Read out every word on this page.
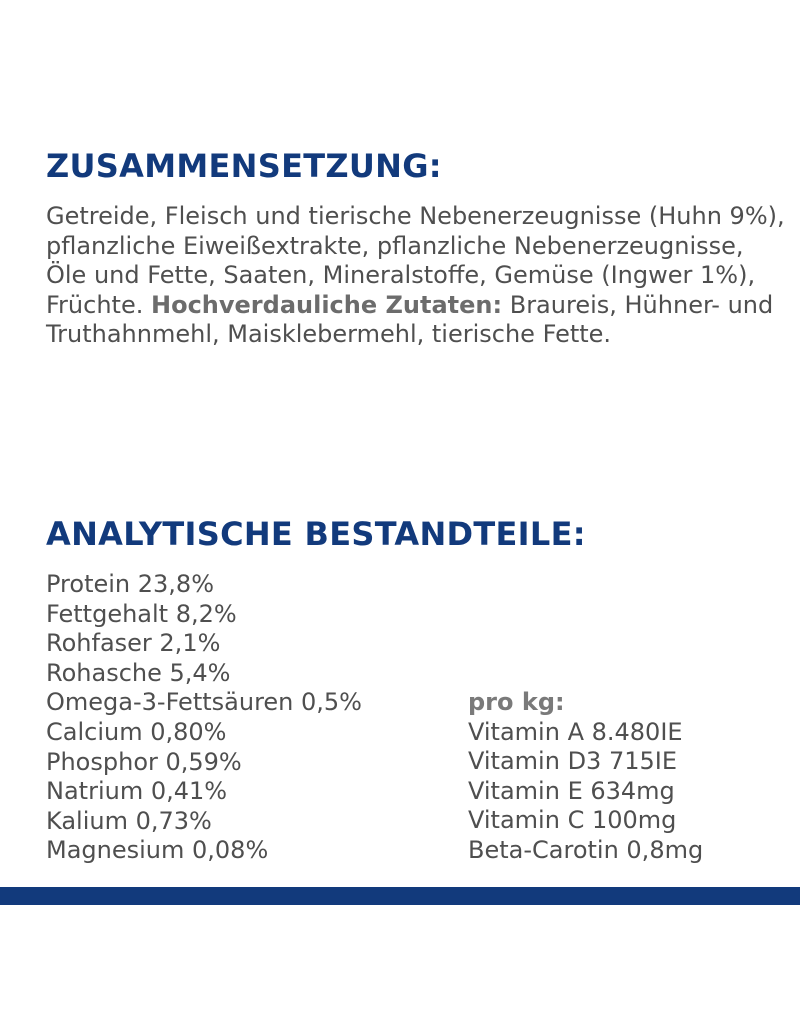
ZUSAMMENSETZUNG:

Getreide, Fleisch und tierische Nebenerzeugnisse (Huhn 9%), pflanzliche Eiweißextrakte, pflanzliche Nebenerzeugnisse, Öle und Fette, Saaten, Mineralstoffe, Gemüse (Ingwer 1%), Früchte. Hochverdauliche Zutaten: Braureis, Hühner- und Truthahnmehl, Maisklebermehl, tierische Fette.

ANALYTISCHE BESTANDTEILE:
Protein 23,8%
Fettgehalt 8,2%
Rohfaser 2,1%
Rohasche 5,4%
Omega-3-Fettsäuren 0,5%
Calcium 0,80%
Phosphor 0,59%
Natrium 0,41%
Kalium 0,73%
Magnesium 0,08%
pro kg:
Vitamin A 8.480IE
Vitamin D3 715IE
Vitamin E 634mg
Vitamin C 100mg
Beta-Carotin 0,8mg
